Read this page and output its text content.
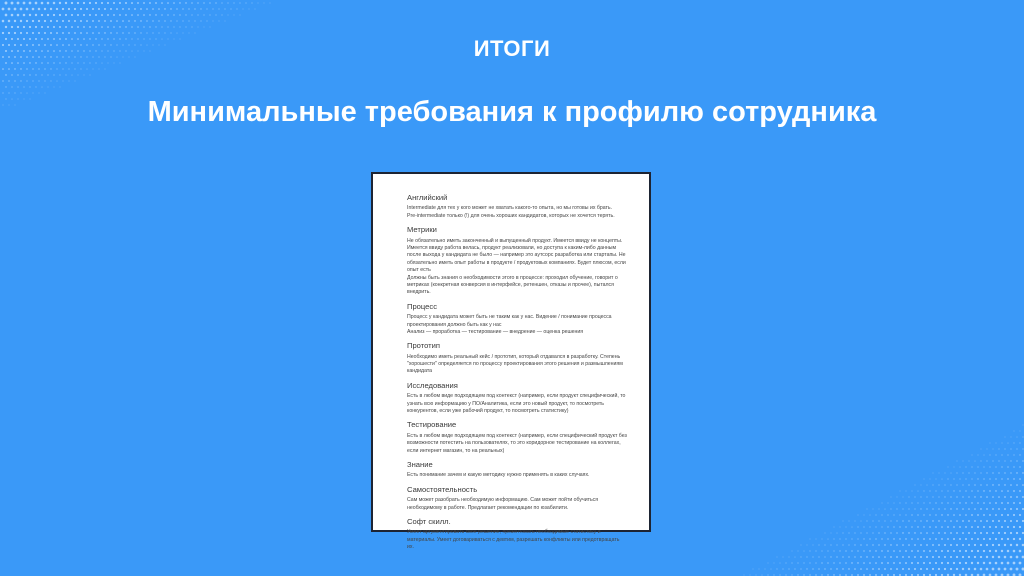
ИТОГИ
Минимальные требования к профилю сотрудника
Английский
Intermediate для тех у кого может не хватать какого-то опыта, но мы готовы их брать.
Pre-intermediate только (!) для очень хороших кандидатов, которых не хочется терять.
Метрики
Не обязательно иметь законченный и выпущенный продукт. Имеется ввиду не концепты.
Имеется ввиду работа велась, продукт реализовали, но доступа к каким-либо данным
после выхода у кандидата не было — например это аутсорс разработка или стартапы. Не
обязательно иметь опыт работы в продукте / продуктовых компаниях. Будет плюсом, если
опыт есть
Должны быть знания о необходимости этого в процессе: проходил обучение, говорит о
метриках (конкретная конверсия в интерфейсе, ретеншен, отказы и прочее), пытался
внедрить.
Процесс
Процесс у кандидата может быть не таким как у нас. Видение / понимание процесса
проектирования должно быть как у нас
Анализ — проработка — тестирование — внедрение — оценка решения
Прототип
Необходимо иметь реальный кейс / прототип, который отдавался в разработку. Степень
"хорошести" определяется по процессу проектирования этого решения и размышлениям
кандидата
Исследования
Есть в любом виде подходящем под контекст (например, если продукт специфический, то
узнать всю информацию у ПО/Аналитика, если это новый продукт, то посмотреть
конкурентов, если уже рабочий продукт, то посмотреть статистику)
Тестирование
Есть в любом виде подходящем под контекст (например, если специфический продукт без
возможности потестить на пользователях, то это коридорное тестирование на коллегах,
если интернет магазин, то на реальных)
Знание
Есть понимание зачем и какую методику нужно применять в каких случаях.
Самостоятельность
Сам может разобрать необходимую информацию. Сам может пойти обучиться
необходимому в работе. Предлагает рекомендации по юзабилити.
Софт скилл.
Умеет аргументировать свое решение, презентовать необходимые статистику и
материалы. Умеет договариваться с девтим, разрешать конфликты или предотвращать
их.
